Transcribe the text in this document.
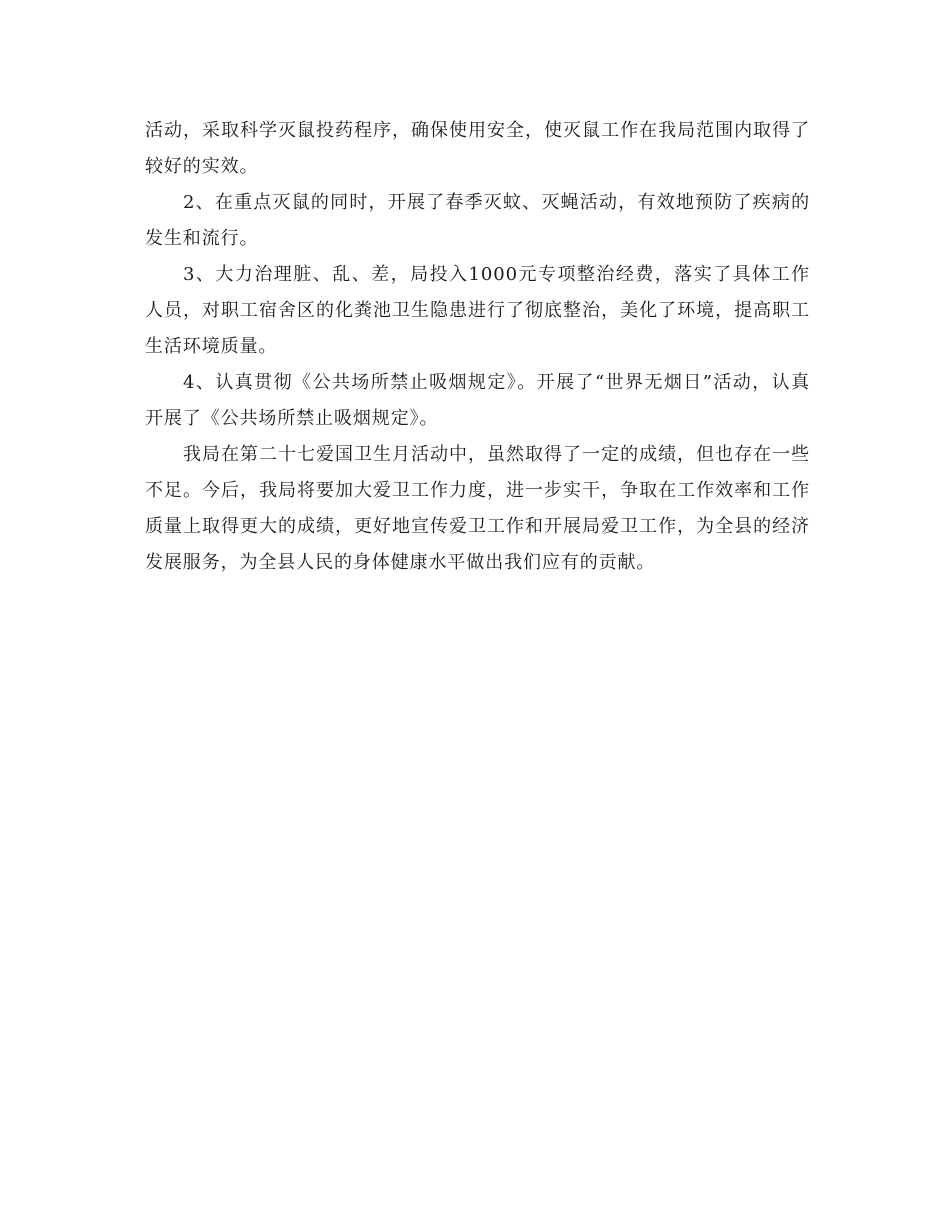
活动，采取科学灭鼠投药程序，确保使用安全，使灭鼠工作在我局范围内取得了较好的实效。

2、在重点灭鼠的同时，开展了春季灭蚊、灭蝇活动，有效地预防了疾病的发生和流行。

3、大力治理脏、乱、差，局投入1000元专项整治经费，落实了具体工作人员，对职工宿舍区的化粪池卫生隐患进行了彻底整治，美化了环境，提高职工生活环境质量。

4、认真贯彻《公共场所禁止吸烟规定》。开展了“世界无烟日”活动，认真开展了《公共场所禁止吸烟规定》。

我局在第二十七爱国卫生月活动中，虽然取得了一定的成绩，但也存在一些不足。今后，我局将要加大爱卫工作力度，进一步实干，争取在工作效率和工作质量上取得更大的成绩，更好地宣传爱卫工作和开展局爱卫工作，为全县的经济发展服务，为全县人民的身体健康水平做出我们应有的贡献。
